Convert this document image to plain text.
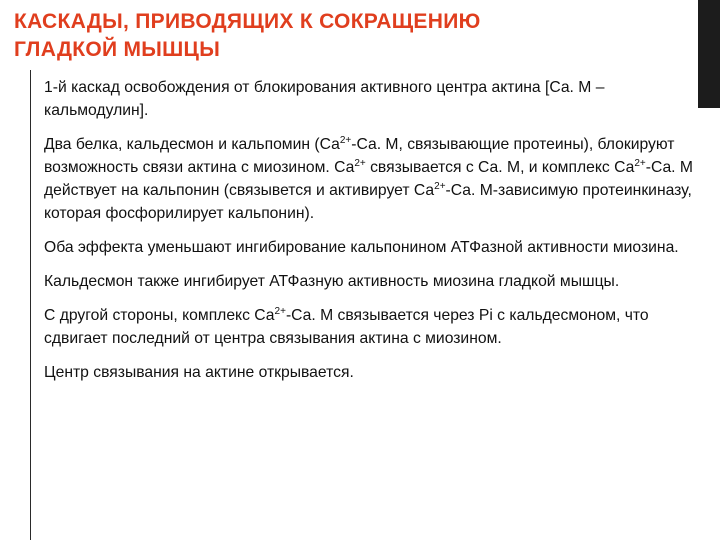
КАСКАДЫ, ПРИВОДЯЩИХ К СОКРАЩЕНИЮ
ГЛАДКОЙ МЫШЦЫ
1-й каскад освобождения от блокирования активного центра актина [Са. М – кальмодулин].
Два белка, кальдесмон и кальпомин ($Са^{2+}-Са$. М, связывающие протеины), блокируют возможность связи актина с миозином. $Са^{2+}$ связывается с Са. М, и комплекс $Са^{2+}-Са$. М действует на кальпонин (связывется и активирует $Са^{2+}-Са$. М-зависимую протеинкиназу, которая фосфорилирует кальпонин).
Оба эффекта уменьшают ингибирование кальпонином АТФазной активности миозина.
Кальдесмон также ингибирует АТФазную активность миозина гладкой мышцы.
С другой стороны, комплекс $Са^{2+}-Са$. М связывается через Pi с кальдесмоном, что сдвигает последний от центра связывания актина с миозином.
Центр связывания на актине открывается.
